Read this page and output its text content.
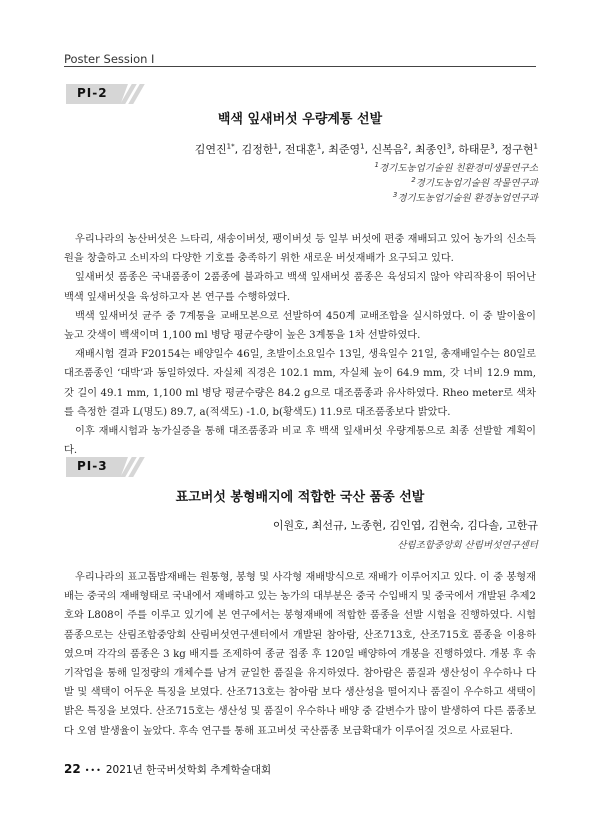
Poster Session I
PI-2
백색 잎새버섯 우량계통 선발
김연진$^{1*}$, 김정한$^1$, 전대훈$^1$, 최준영$^1$, 신복음$^2$, 최종인$^3$, 하태문$^3$, 정구현$^1$
$^1$경기도농업기술원 친환경미생물연구소
$^2$경기도농업기술원 작물연구과
$^3$경기도농업기술원 환경농업연구과

우리나라의 농산버섯은 느타리, 새송이버섯, 팽이버섯 등 일부 버섯에 편중 재배되고 있어 농가의 신소득원을 창출하고 소비자의 다양한 기호를 충족하기 위한 새로운 버섯재배가 요구되고 있다.

잎새버섯 품종은 국내품종이 2품종에 불과하고 백색 잎새버섯 품종은 육성되지 않아 약리작용이 뛰어난 백색 잎새버섯을 육성하고자 본 연구를 수행하였다.

백색 잎새버섯 균주 중 7계통을 교배모본으로 선발하여 450계 교배조합을 실시하였다. 이 중 발이율이 높고 갓색이 백색이며 1,100 ml 병당 평균수량이 높은 3계통을 1차 선발하였다.

재배시험 결과 F20154는 배양일수 46일, 초발이소요일수 13일, 생육일수 21일, 총재배일수는 80일로 대조품종인 ‘대박’과 동일하였다. 자실체 직경은 102.1 mm, 자실체 높이 64.9 mm, 갓 너비 12.9 mm, 갓 길이 49.1 mm, 1,100 ml 병당 평균수량은 84.2 g으로 대조품종과 유사하였다. Rheo meter로 색차를 측정한 결과 L(명도) 89.7, a(적색도) -1.0, b(황색도) 11.9로 대조품종보다 밝았다.

이후 재배시험과 농가실증을 통해 대조품종과 비교 후 백색 잎새버섯 우량계통으로 최종 선발할 계획이다.

PI-3
표고버섯 봉형배지에 적합한 국산 품종 선발
이원호, 최선규, 노종현, 김인엽, 김현숙, 김다솔, 고한규
산림조합중앙회 산림버섯연구센터

우리나라의 표고톱밥재배는 원통형, 봉형 및 사각형 재배방식으로 재배가 이루어지고 있다. 이 중 봉형재배는 중국의 재배형태로 국내에서 재배하고 있는 농가의 대부분은 중국 수입배지 및 중국에서 개발된 추제2호와 L808이 주를 이루고 있기에 본 연구에서는 봉형재배에 적합한 품종을 선발 시험을 진행하였다. 시험 품종으로는 산림조합중앙회 산림버섯연구센터에서 개발된 참아람, 산조713호, 산조715호 품종을 이용하였으며 각각의 품종은 3 kg 배지를 조제하여 종균 접종 후 120일 배양하여 개봉을 진행하였다. 개봉 후 솎기작업을 통해 일정량의 개체수를 남겨 균일한 품질을 유지하였다. 참아람은 품질과 생산성이 우수하나 다발 및 색택이 어두운 특징을 보였다. 산조713호는 참아람 보다 생산성을 떨어지나 품질이 우수하고 색택이 밝은 특징을 보였다. 산조715호는 생산성 및 품질이 우수하나 배양 중 갈변수가 많이 발생하여 다른 품종보다 오염 발생율이 높았다. 후속 연구를 통해 표고버섯 국산품종 보급확대가 이루어질 것으로 사료된다.

22 ••• 2021년 한국버섯학회 추계학술대회
